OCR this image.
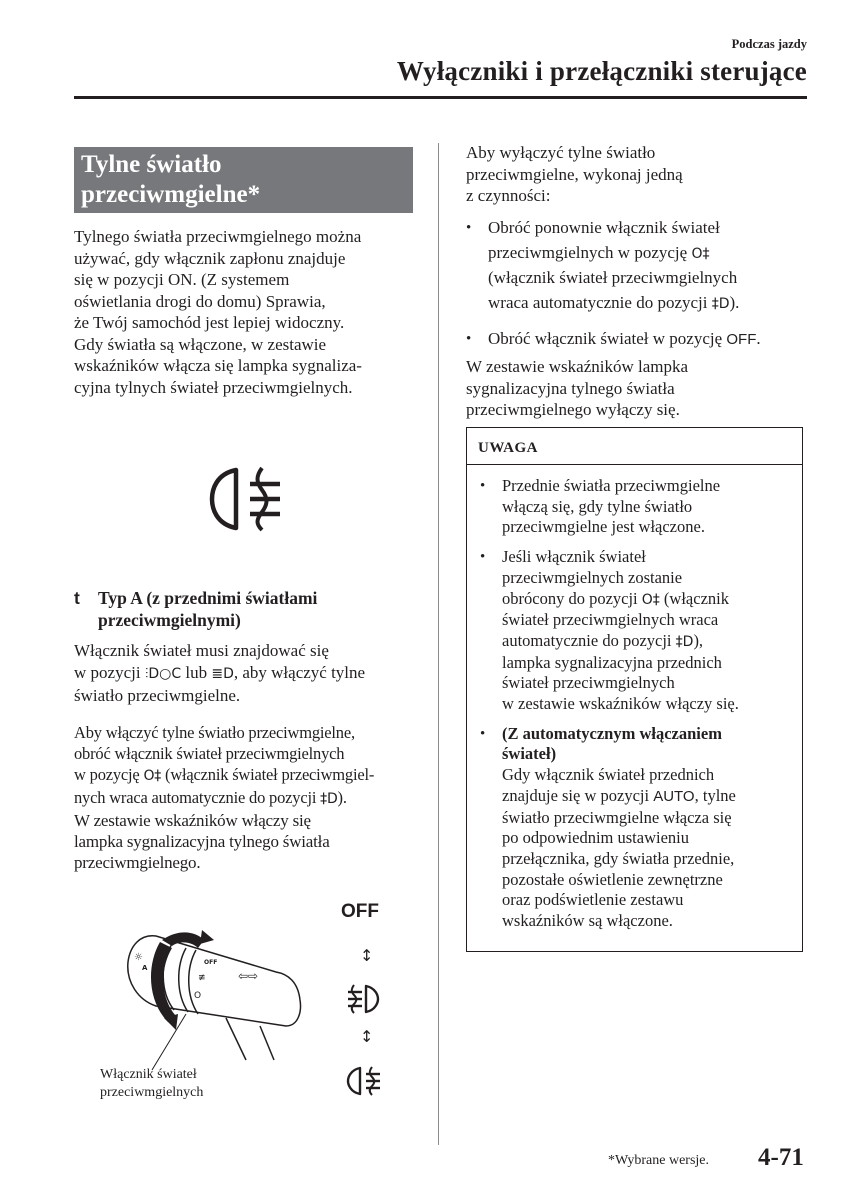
Podczas jazdy
Wyłączniki i przełączniki sterujące
Tylne światło
przeciwmgielne*
Tylnego światła przeciwmgielnego można
używać, gdy włącznik zapłonu znajduje
się w pozycji ON. (Z systemem
oświetlania drogi do domu) Sprawia,
że Twój samochód jest lepiej widoczny.
Gdy światła są włączone, w zestawie
wskaźników włącza się lampka sygnaliza-
cyjna tylnych świateł przeciwmgielnych.
t Typ A (z przednimi światłami
przeciwmgielnymi)
Włącznik świateł musi znajdować się
w pozycji ⫶D○C lub ≣D, aby włączyć tylne
światło przeciwmgielne.
Aby włączyć tylne światło przeciwmgielne,
obróć włącznik świateł przeciwmgielnych
w pozycję O‡ (włącznik świateł przeciwmgiel-
nych wraca automatycznie do pozycji ‡D).
W zestawie wskaźników włączy się
lampka sygnalizacyjna tylnego światła
przeciwmgielnego.
☼
A
OFF
≢
O
⇦⇨
OFF
↕
↕
Włącznik świateł
przeciwmgielnych
Aby wyłączyć tylne światło
przeciwmgielne, wykonaj jedną
z czynności:
• Obróć ponownie włącznik świateł
przeciwmgielnych w pozycję O‡
(włącznik świateł przeciwmgielnych
wraca automatycznie do pozycji ‡D).
• Obróć włącznik świateł w pozycję OFF.
W zestawie wskaźników lampka
sygnalizacyjna tylnego światła
przeciwmgielnego wyłączy się.
UWAGA
• Przednie światła przeciwmgielne
włączą się, gdy tylne światło
przeciwmgielne jest włączone.
• Jeśli włącznik świateł
przeciwmgielnych zostanie
obrócony do pozycji O‡ (włącznik
świateł przeciwmgielnych wraca
automatycznie do pozycji ‡D),
lampka sygnalizacyjna przednich
świateł przeciwmgielnych
w zestawie wskaźników włączy się.
• (Z automatycznym włączaniem
świateł)
Gdy włącznik świateł przednich
znajduje się w pozycji AUTO, tylne
światło przeciwmgielne włącza się
po odpowiednim ustawieniu
przełącznika, gdy światła przednie,
pozostałe oświetlenie zewnętrzne
oraz podświetlenie zestawu
wskaźników są włączone.
*Wybrane wersje. 4-71
